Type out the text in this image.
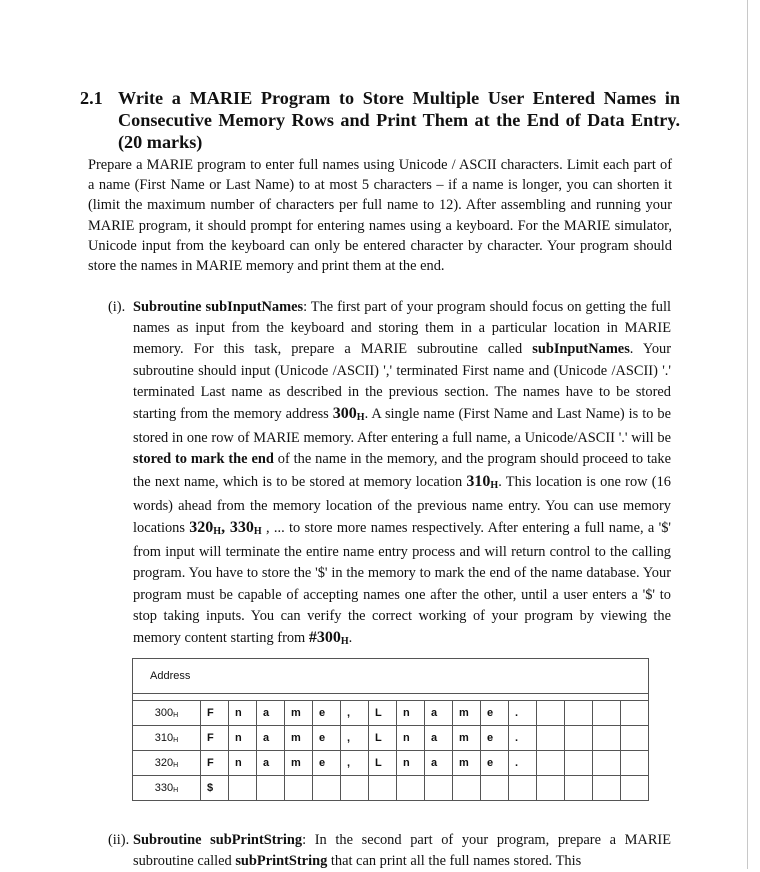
2.1 Write a MARIE Program to Store Multiple User Entered Names in Consecutive Memory Rows and Print Them at the End of Data Entry. (20 marks)
Prepare a MARIE program to enter full names using Unicode / ASCII characters. Limit each part of a name (First Name or Last Name) to at most 5 characters – if a name is longer, you can shorten it (limit the maximum number of characters per full name to 12). After assembling and running your MARIE program, it should prompt for entering names using a keyboard. For the MARIE simulator, Unicode input from the keyboard can only be entered character by character. Your program should store the names in MARIE memory and print them at the end.
(i). Subroutine subInputNames: The first part of your program should focus on getting the full names as input from the keyboard and storing them in a particular location in MARIE memory. For this task, prepare a MARIE subroutine called subInputNames. Your subroutine should input (Unicode /ASCII) ',' terminated First name and (Unicode /ASCII) '.' terminated Last name as described in the previous section. The names have to be stored starting from the memory address $300_H$. A single name (First Name and Last Name) is to be stored in one row of MARIE memory. After entering a full name, a Unicode/ASCII '.' will be stored to mark the end of the name in the memory, and the program should proceed to take the next name, which is to be stored at memory location $310_H$. This location is one row (16 words) ahead from the memory location of the previous name entry. You can use memory locations $320_H$, $330_H$ , ... to store more names respectively. After entering a full name, a '$' from input will terminate the entire name entry process and will return control to the calling program. You have to store the '$' in the memory to mark the end of the name database. Your program must be capable of accepting names one after the other, until a user enters a '$' to stop taking inputs. You can verify the correct working of your program by viewing the memory content starting from $\#300_H$.
Address																

$300_H$	F	n	a	m	e	,	L	n	a	m	e	.				
$310_H$	F	n	a	m	e	,	L	n	a	m	e	.				
$320_H$	F	n	a	m	e	,	L	n	a	m	e	.				
$330_H$	$															
(ii). Subroutine subPrintString: In the second part of your program, prepare a MARIE subroutine called subPrintString that can print all the full names stored. This
